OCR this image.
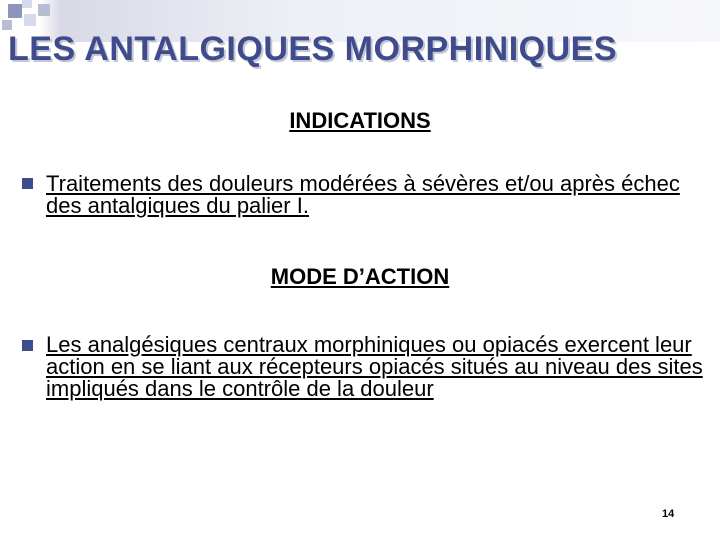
LES ANTALGIQUES MORPHINIQUES
INDICATIONS

Traitements des douleurs modérées à sévères et/ou après échec des antalgiques du palier I.

MODE D’ACTION

Les analgésiques centraux morphiniques ou opiacés exercent leur action en se liant aux récepteurs opiacés situés au niveau des sites impliqués dans le contrôle de la douleur

14
